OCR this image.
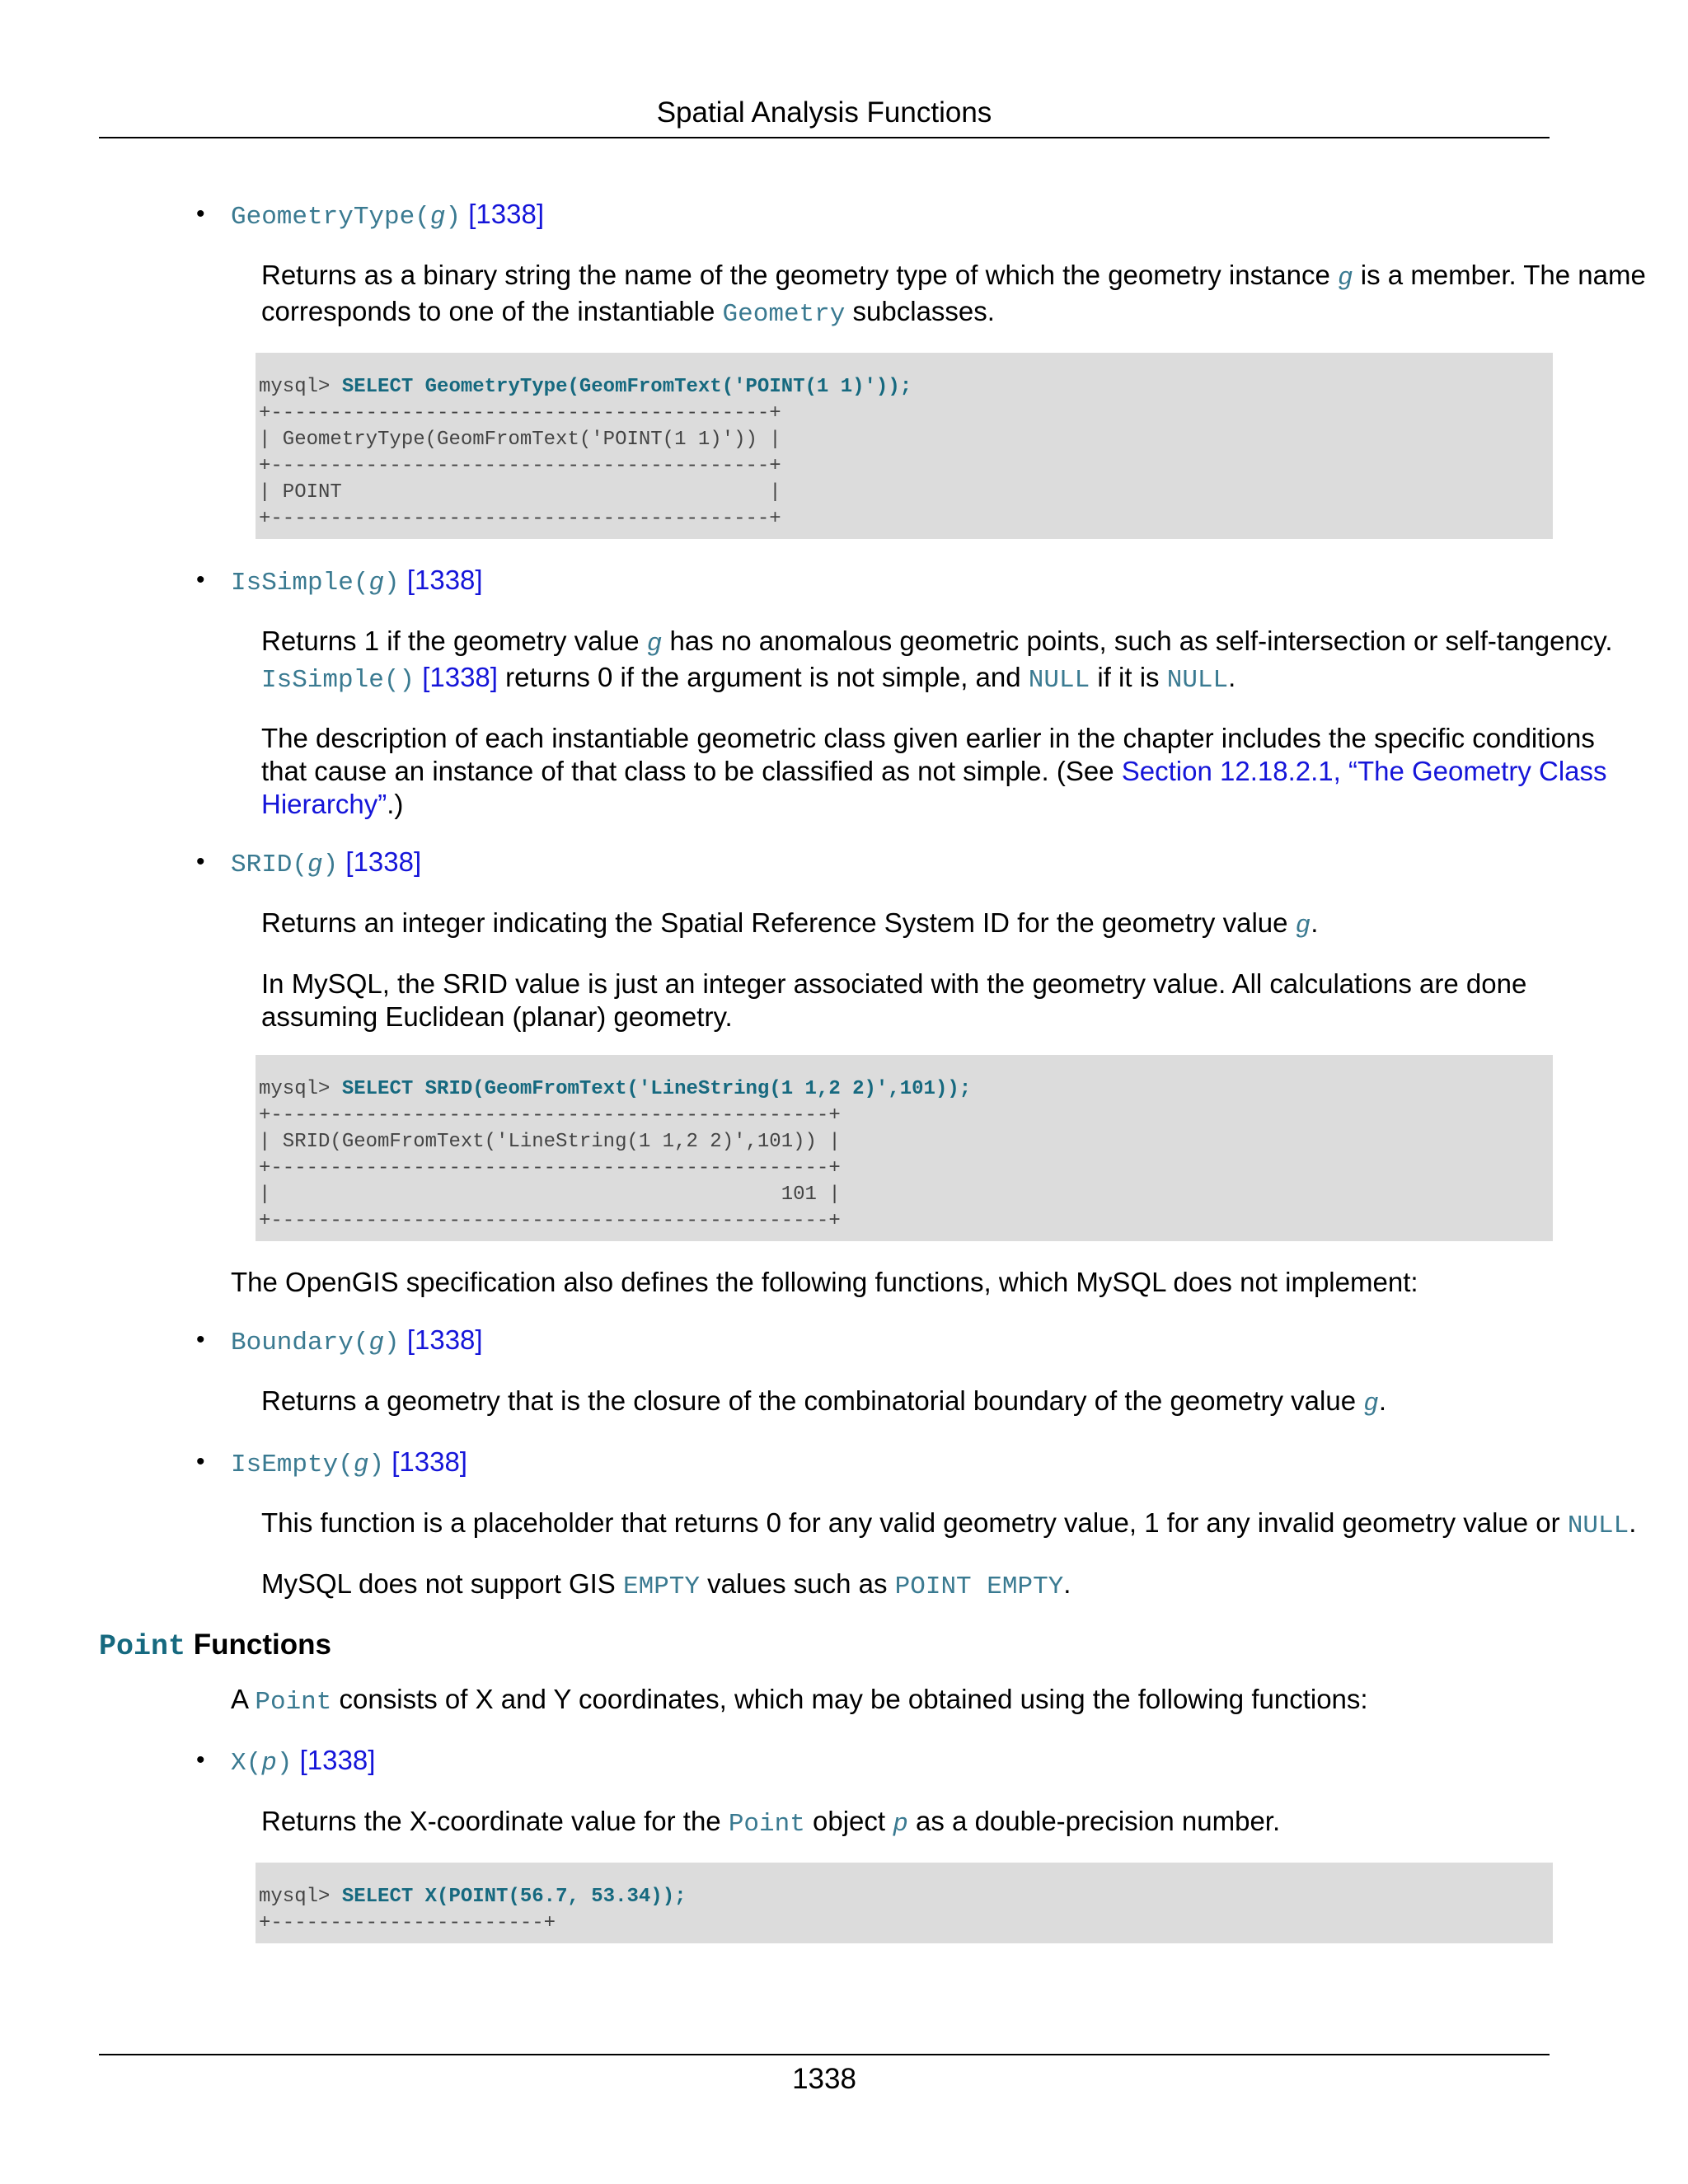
Spatial Analysis Functions
• GeometryType(g) [1338]
Returns as a binary string the name of the geometry type of which the geometry instance g is a member. The name corresponds to one of the instantiable Geometry subclasses.
mysql> SELECT GeometryType(GeomFromText('POINT(1 1)'));
+------------------------------------------+
| GeometryType(GeomFromText('POINT(1 1)')) |
+------------------------------------------+
| POINT                                    |
+------------------------------------------+
• IsSimple(g) [1338]
Returns 1 if the geometry value g has no anomalous geometric points, such as self-intersection or self-tangency. IsSimple() [1338] returns 0 if the argument is not simple, and NULL if it is NULL.
The description of each instantiable geometric class given earlier in the chapter includes the specific conditions that cause an instance of that class to be classified as not simple. (See Section 12.18.2.1, “The Geometry Class Hierarchy”.)
• SRID(g) [1338]
Returns an integer indicating the Spatial Reference System ID for the geometry value g.
In MySQL, the SRID value is just an integer associated with the geometry value. All calculations are done assuming Euclidean (planar) geometry.
mysql> SELECT SRID(GeomFromText('LineString(1 1,2 2)',101));
+-----------------------------------------------+
| SRID(GeomFromText('LineString(1 1,2 2)',101)) |
+-----------------------------------------------+
|                                           101 |
+-----------------------------------------------+
The OpenGIS specification also defines the following functions, which MySQL does not implement:
• Boundary(g) [1338]
Returns a geometry that is the closure of the combinatorial boundary of the geometry value g.
• IsEmpty(g) [1338]
This function is a placeholder that returns 0 for any valid geometry value, 1 for any invalid geometry value or NULL.
MySQL does not support GIS EMPTY values such as POINT EMPTY.
Point Functions
A Point consists of X and Y coordinates, which may be obtained using the following functions:
• X(p) [1338]
Returns the X-coordinate value for the Point object p as a double-precision number.
mysql> SELECT X(POINT(56.7, 53.34));
+-----------------------+
1338
